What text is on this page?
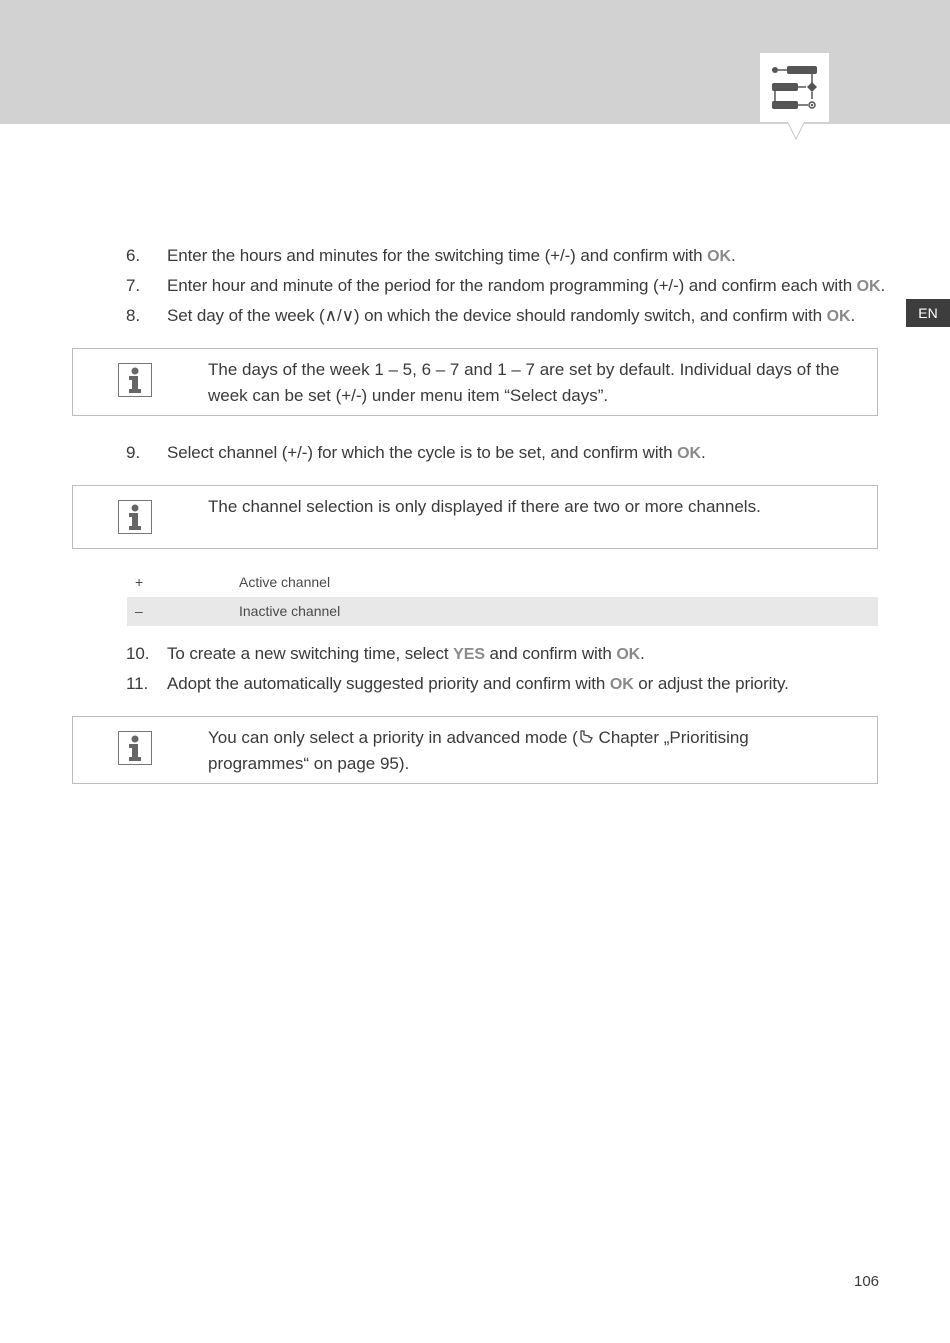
EN
6. Enter the hours and minutes for the switching time (+/-) and confirm with OK.
7. Enter hour and minute of the period for the random programming (+/-) and confirm each with OK.
8. Set day of the week (∧/∨) on which the device should randomly switch, and confirm with OK.
The days of the week 1 – 5, 6 – 7 and 1 – 7 are set by default. Individual days of the week can be set (+/-) under menu item “Select days”.
9. Select channel (+/-) for which the cycle is to be set, and confirm with OK.
The channel selection is only displayed if there are two or more channels.
+	Active channel
–	Inactive channel
10. To create a new switching time, select YES and confirm with OK.
11. Adopt the automatically suggested priority and confirm with OK or adjust the priority.
You can only select a priority in advanced mode ( Chapter „Prioritising programmes“ on page 95).
106
